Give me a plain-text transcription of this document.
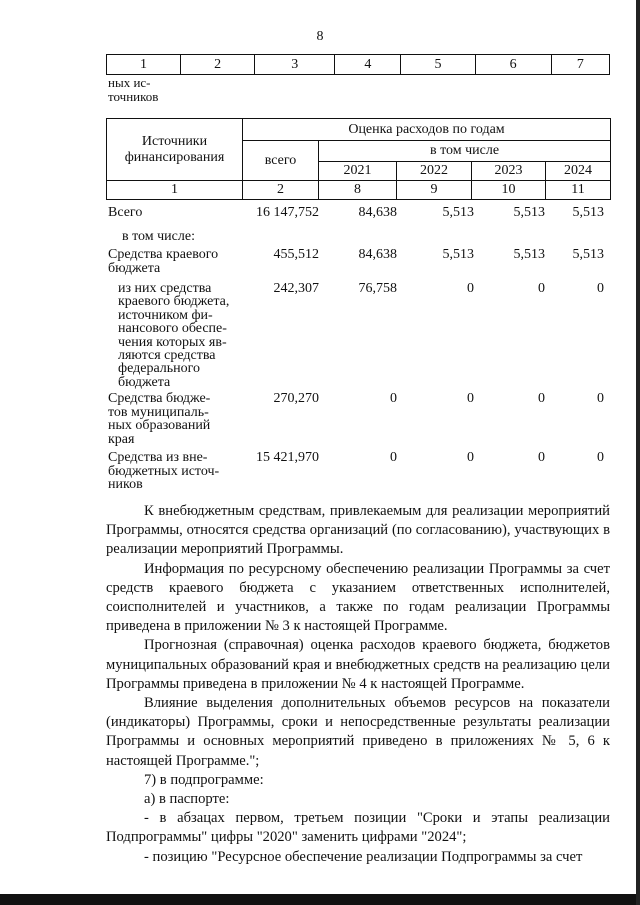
8
1	2	3	4	5	6	7
ных ис-
точников
Источники
финансирования	Оценка расходов по годам				
	всего	в том числе			
		2021	2022	2023	2024
1	2	8	9	10	11
Всего	16 147,752	84,638	5,513	5,513	5,513
в том числе:
Средства краевого
бюджета
455,512	84,638	5,513	5,513	5,513
из них средства
краевого бюджета,
источником фи-
нансового обеспе-
чения которых яв-
ляются средства
федерального
бюджета
242,307	76,758	0	0	0
Средства бюдже-
тов муниципаль-
ных образований
края
270,270	0	0	0	0
Средства из вне-
бюджетных источ-
ников
15 421,970	0	0	0	0

К внебюджетным средствам, привлекаемым для реализации мероприятий Программы, относятся средства организаций (по согласованию), участвующих в реализации мероприятий Программы.

Информация по ресурсному обеспечению реализации Программы за счет средств краевого бюджета с указанием ответственных исполнителей, соисполнителей и участников, а также по годам реализации Программы приведена в приложении № 3 к настоящей Программе.

Прогнозная (справочная) оценка расходов краевого бюджета, бюджетов муниципальных образований края и внебюджетных средств на реализацию цели Программы приведена в приложении № 4 к настоящей Программе.

Влияние выделения дополнительных объемов ресурсов на показатели (индикаторы) Программы, сроки и непосредственные результаты реализации Программы и основных мероприятий приведено в приложениях № 5, 6 к настоящей Программе.";

7) в подпрограмме:

а) в паспорте:

- в абзацах первом, третьем позиции "Сроки и этапы реализации Подпрограммы" цифры "2020" заменить цифрами "2024";

- позицию "Ресурсное обеспечение реализации Подпрограммы за счет
